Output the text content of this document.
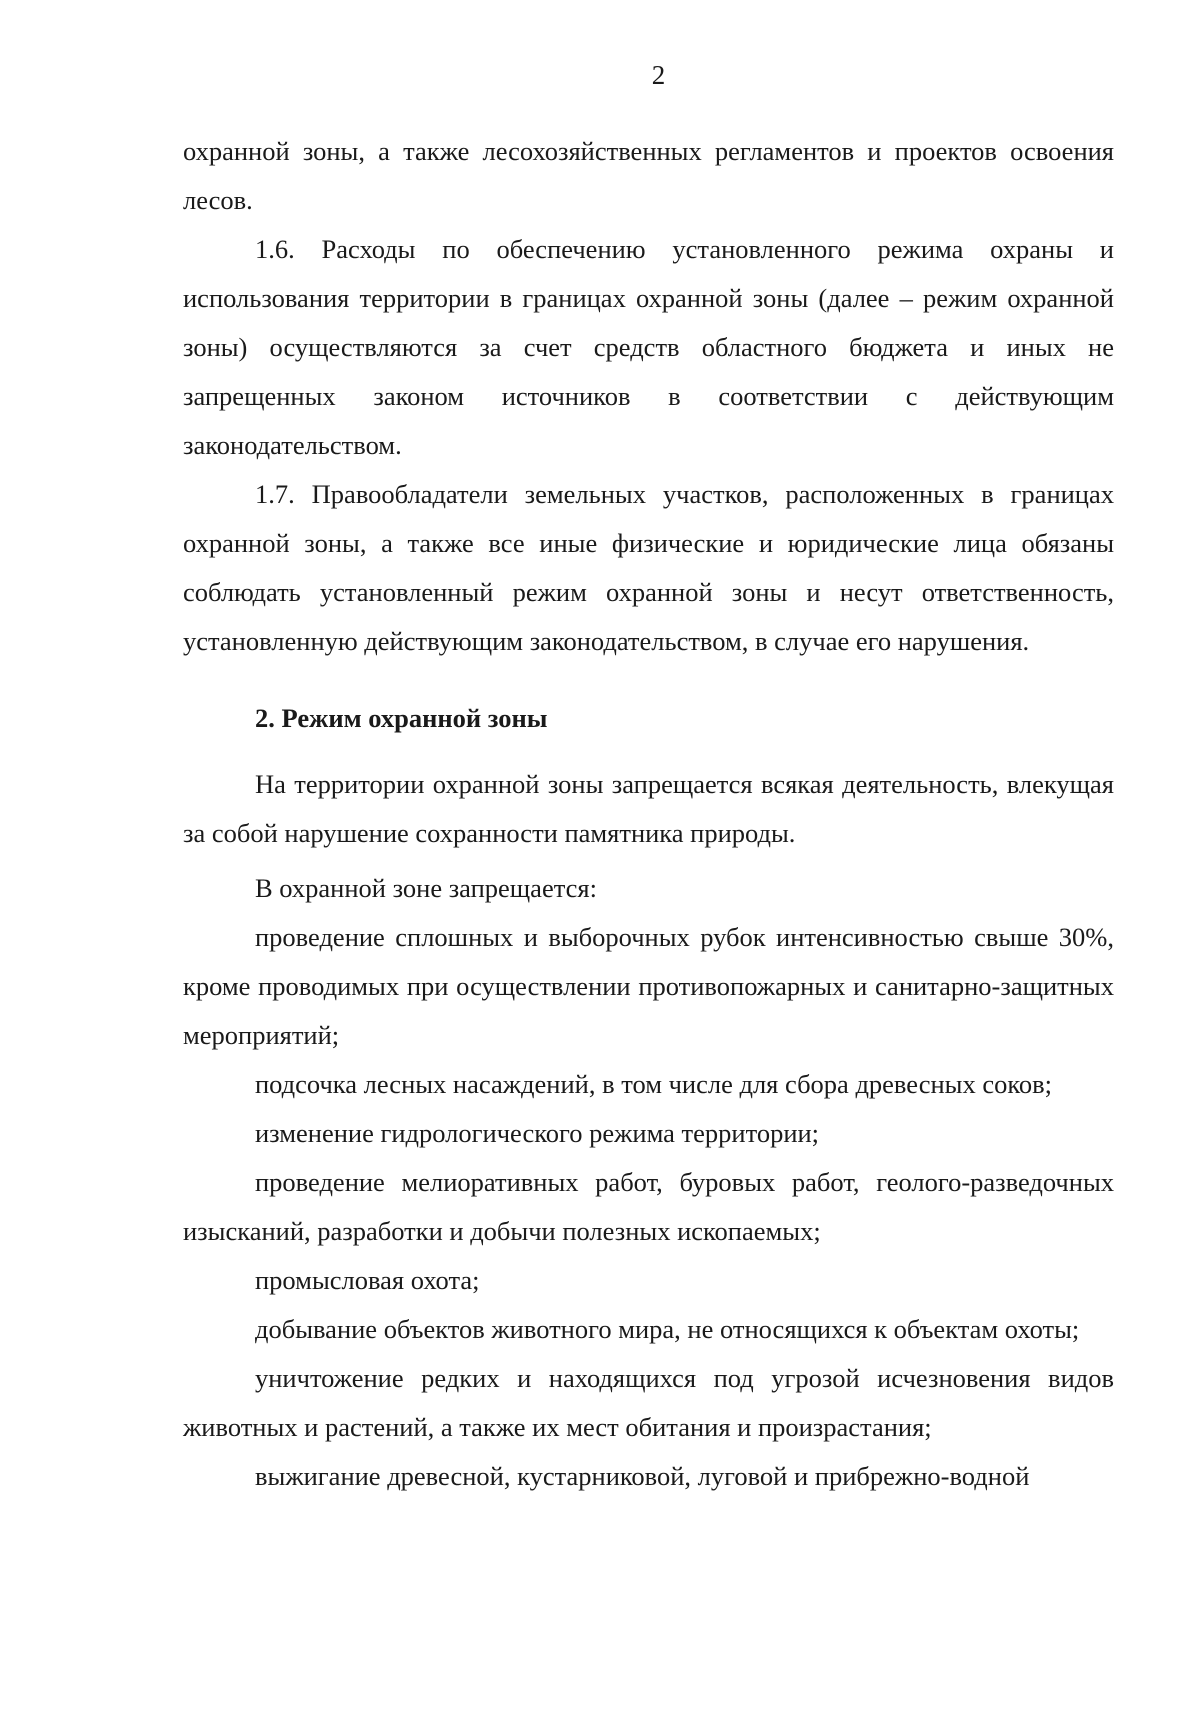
2

охранной зоны, а также лесохозяйственных регламентов и проектов освоения лесов.

1.6. Расходы по обеспечению установленного режима охраны и использования территории в границах охранной зоны (далее – режим охранной зоны) осуществляются за счет средств областного бюджета и иных не запрещенных законом источников в соответствии с действующим законодательством.

1.7. Правообладатели земельных участков, расположенных в границах охранной зоны, а также все иные физические и юридические лица обязаны соблюдать установленный режим охранной зоны и несут ответственность, установленную действующим законодательством, в случае его нарушения.

2. Режим охранной зоны

На территории охранной зоны запрещается всякая деятельность, влекущая за собой нарушение сохранности памятника природы.

В охранной зоне запрещается:

проведение сплошных и выборочных рубок интенсивностью свыше 30%, кроме проводимых при осуществлении противопожарных и санитарно-защитных мероприятий;

подсочка лесных насаждений, в том числе для сбора древесных соков;

изменение гидрологического режима территории;

проведение мелиоративных работ, буровых работ, геолого-разведочных изысканий, разработки и добычи полезных ископаемых;

промысловая охота;

добывание объектов животного мира, не относящихся к объектам охоты;

уничтожение редких и находящихся под угрозой исчезновения видов животных и растений, а также их мест обитания и произрастания;

выжигание древесной, кустарниковой, луговой и прибрежно-водной
